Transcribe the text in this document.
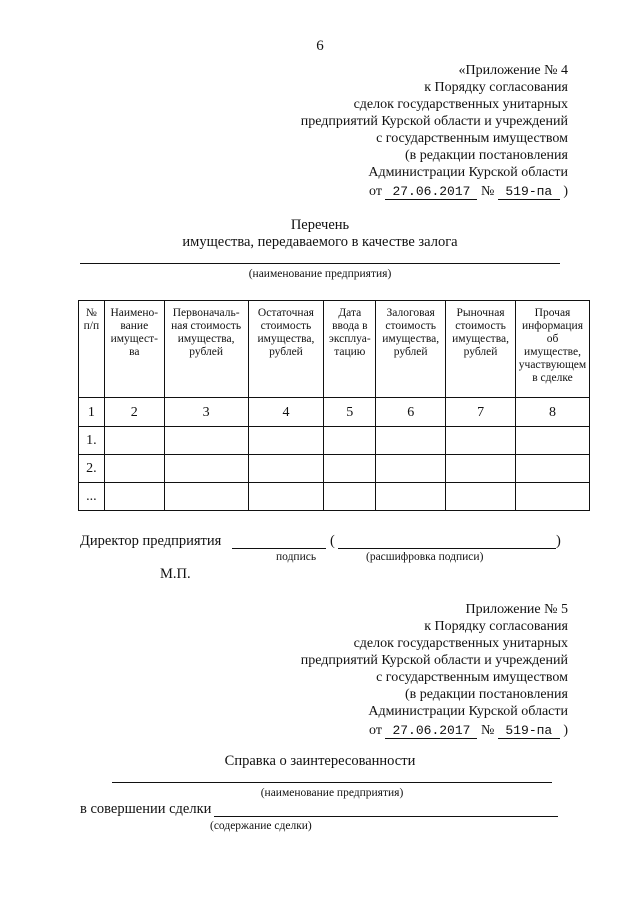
6
«Приложение № 4
к Порядку согласования
сделок государственных унитарных
предприятий Курской области и учреждений
с государственным имуществом
(в редакции постановления
Администрации Курской области
от 27.06.2017 № 519-па )
Перечень
имущества, передаваемого в качестве залога
(наименование предприятия)
№ п/п	Наимено-вание имущест-ва	Первоначаль-ная стоимость имущества, рублей	Остаточная стоимость имущества, рублей	Дата ввода в эксплуа-тацию	Залоговая стоимость имущества, рублей	Рыночная стоимость имущества, рублей	Прочая информация об имуществе, участвующем в сделке
1	2	3	4	5	6	7	8
1.							
2.							
...							
Директор предприятия	(	)
подпись	(расшифровка подписи)
М.П.
Приложение № 5
к Порядку согласования
сделок государственных унитарных
предприятий Курской области и учреждений
с государственным имуществом
(в редакции постановления
Администрации Курской области
от 27.06.2017 № 519-па )
Справка о заинтересованности
(наименование предприятия)
в совершении сделки
(содержание сделки)
